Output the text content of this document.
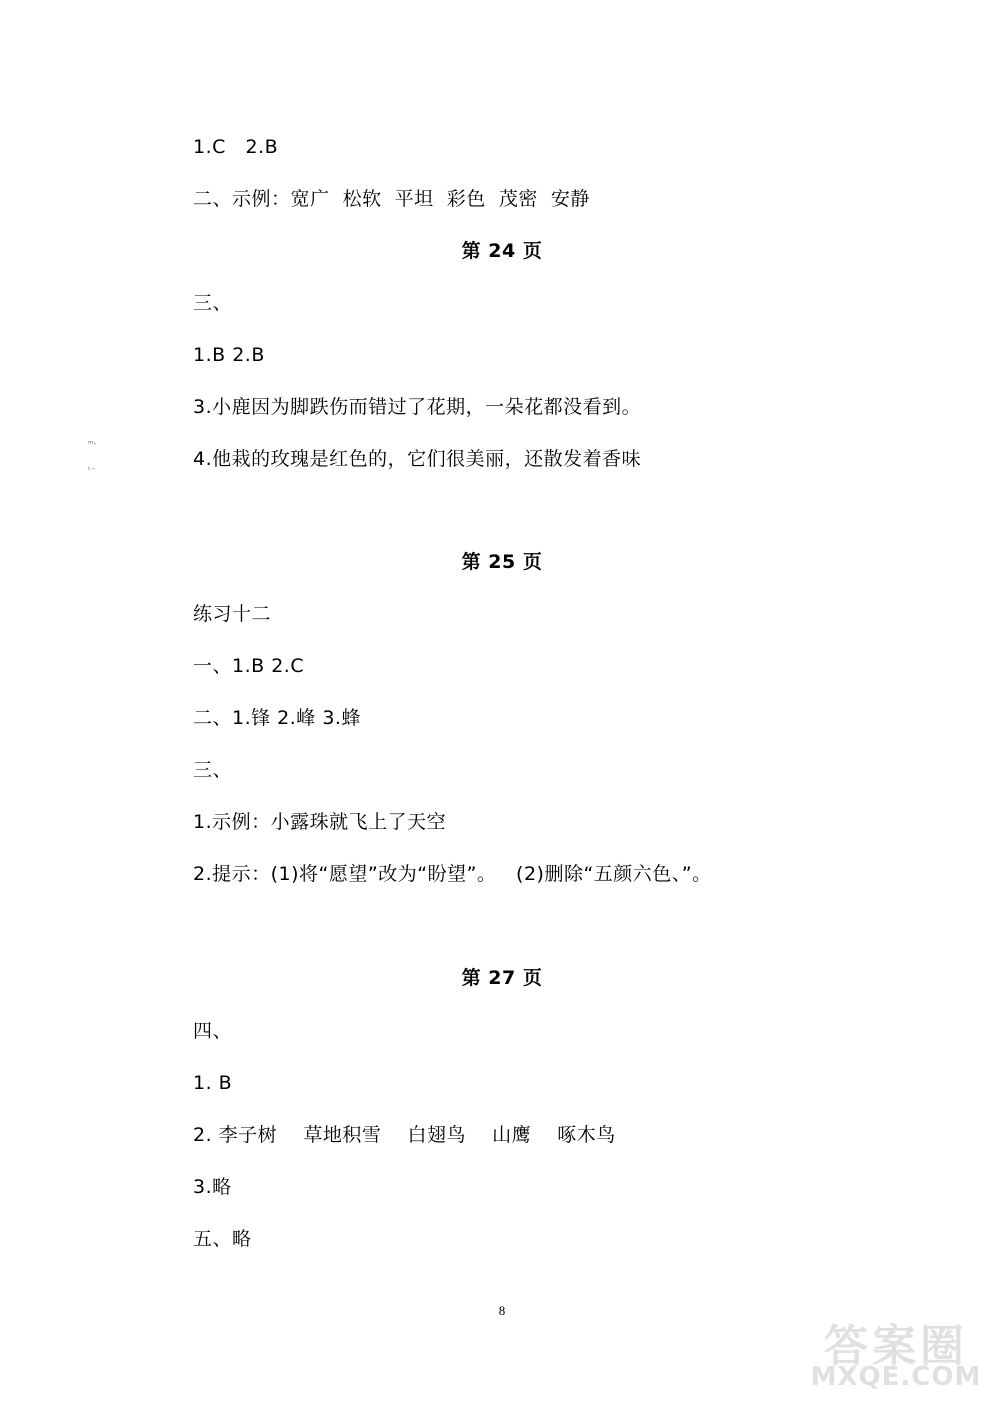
1.C   2.B
二、示例：宽广  松软  平坦  彩色  茂密  安静
第 24 页
三、
1.B 2.B
3.小鹿因为脚跌伤而错过了花期，一朵花都没看到。
4.他栽的玫瑰是红色的，它们很美丽，还散发着香味
ₘᵥ
ₜ₋
第 25 页
练习十二
一、1.B 2.C
二、1.锋 2.峰 3.蜂
三、
1.示例：小露珠就飞上了天空
2.提示：(1)将“愿望”改为“盼望”。   (2)删除“五颜六色、”。
第 27 页
四、
1. B
2. 李子树    草地积雪    白翅鸟    山鹰    啄木鸟
3.略
五、略
8
答案圈
MXQE.COM
